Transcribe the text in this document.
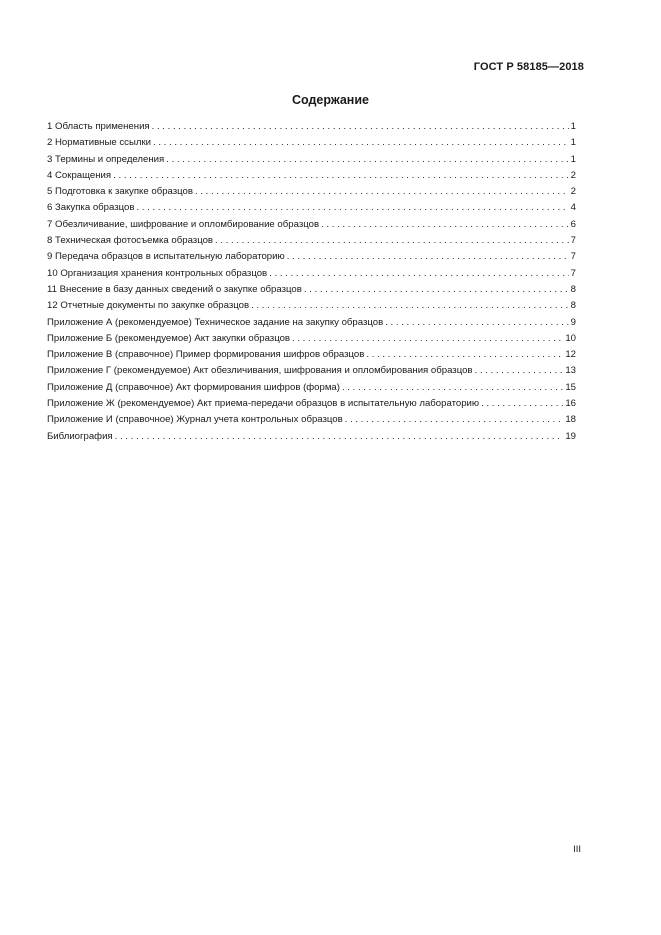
ГОСТ Р 58185—2018
Содержание
1 Область применения . . .	1
2 Нормативные ссылки . . .	1
3 Термины и определения . . .	1
4 Сокращения . . .	2
5 Подготовка к закупке образцов . . .	2
6 Закупка образцов . . .	4
7 Обезличивание, шифрование и опломбирование образцов . . .	6
8 Техническая фотосъемка образцов . . .	7
9 Передача образцов в испытательную лабораторию . . .	7
10 Организация хранения контрольных образцов . . .	7
11 Внесение в базу данных сведений о закупке образцов . . .	8
12 Отчетные документы по закупке образцов . . .	8
Приложение А (рекомендуемое) Техническое задание на закупку образцов . . .	9
Приложение Б (рекомендуемое) Акт закупки образцов . . .	10
Приложение В (справочное) Пример формирования шифров образцов . . .	12
Приложение Г (рекомендуемое) Акт обезличивания, шифрования и опломбирования образцов . . .	13
Приложение Д (справочное) Акт формирования шифров (форма) . . .	15
Приложение Ж (рекомендуемое) Акт приема-передачи образцов в испытательную лабораторию . . .	16
Приложение И (справочное) Журнал учета контрольных образцов . . .	18
Библиография . . .	19
III
